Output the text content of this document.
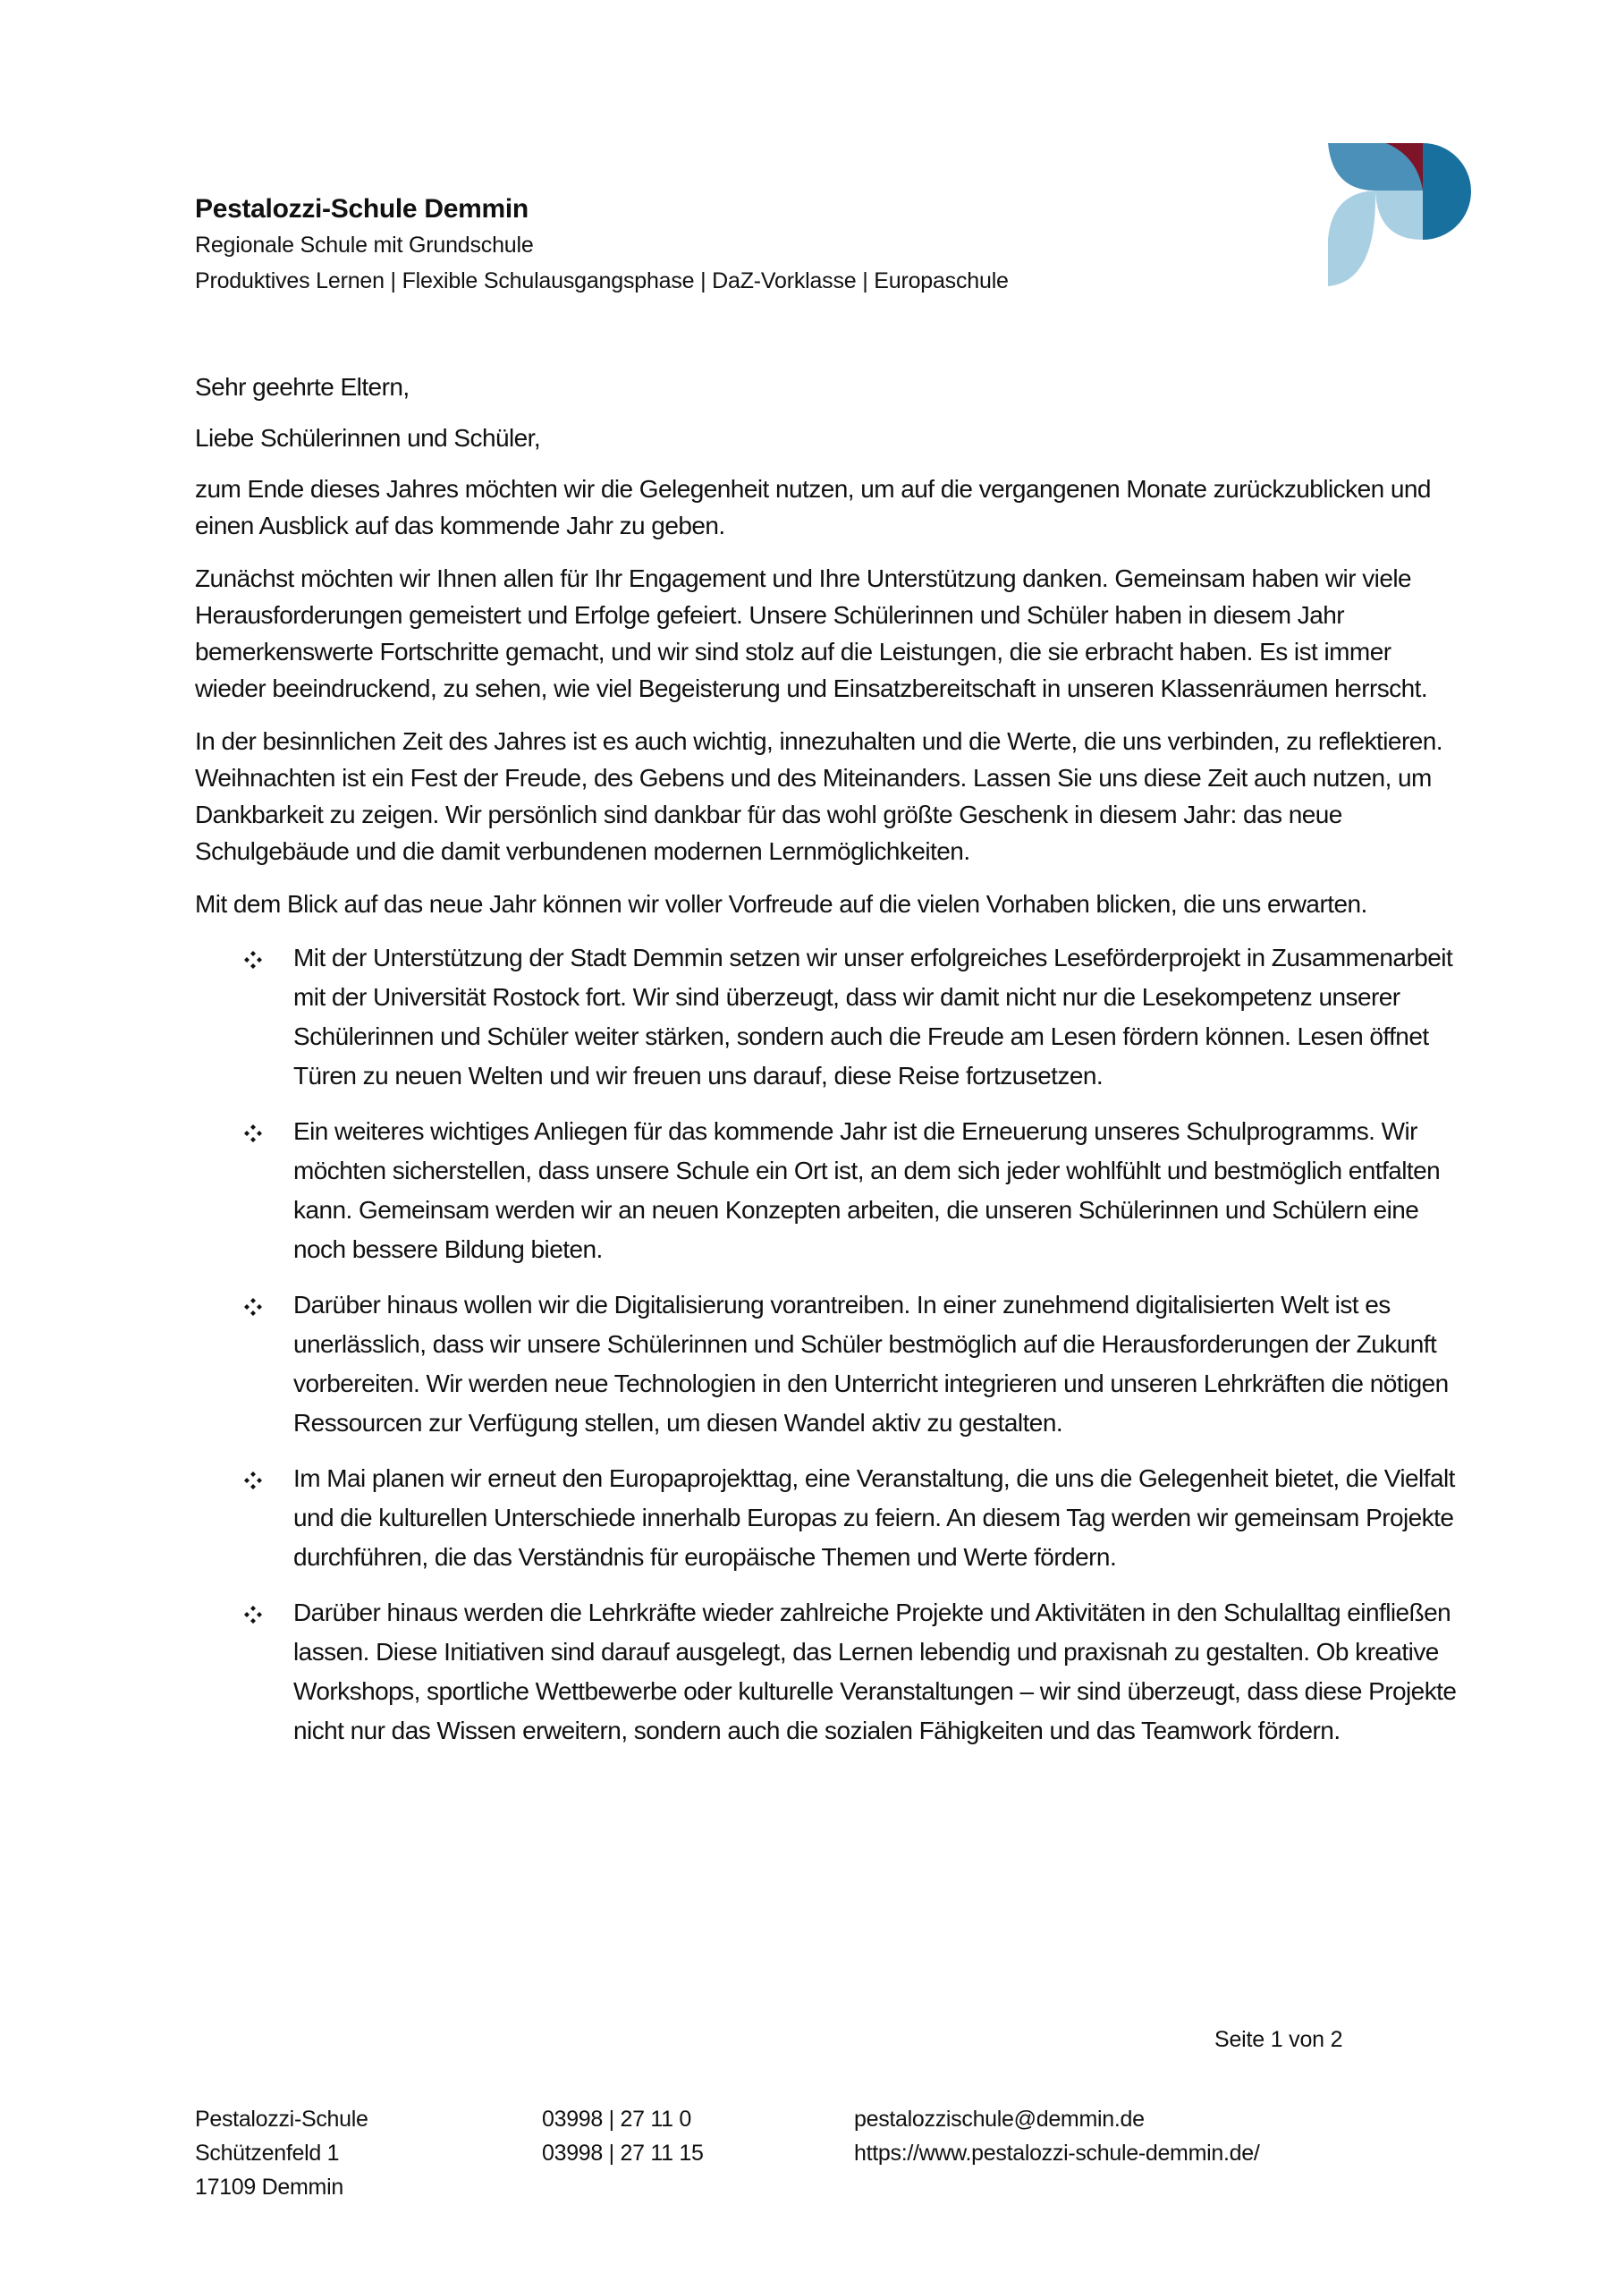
Pestalozzi-Schule Demmin
Regionale Schule mit Grundschule
Produktives Lernen | Flexible Schulausgangsphase | DaZ-Vorklasse | Europaschule

Sehr geehrte Eltern,

Liebe Schülerinnen und Schüler,

zum Ende dieses Jahres möchten wir die Gelegenheit nutzen, um auf die vergangenen Monate zurückzublicken und einen Ausblick auf das kommende Jahr zu geben.

Zunächst möchten wir Ihnen allen für Ihr Engagement und Ihre Unterstützung danken. Gemeinsam haben wir viele Herausforderungen gemeistert und Erfolge gefeiert. Unsere Schülerinnen und Schüler haben in diesem Jahr bemerkenswerte Fortschritte gemacht, und wir sind stolz auf die Leistungen, die sie erbracht haben. Es ist immer wieder beeindruckend, zu sehen, wie viel Begeisterung und Einsatzbereitschaft in unseren Klassenräumen herrscht.

In der besinnlichen Zeit des Jahres ist es auch wichtig, innezuhalten und die Werte, die uns verbinden, zu reflektieren. Weihnachten ist ein Fest der Freude, des Gebens und des Miteinanders. Lassen Sie uns diese Zeit auch nutzen, um Dankbarkeit zu zeigen. Wir persönlich sind dankbar für das wohl größte Geschenk in diesem Jahr: das neue Schulgebäude und die damit verbundenen modernen Lernmöglichkeiten.

Mit dem Blick auf das neue Jahr können wir voller Vorfreude auf die vielen Vorhaben blicken, die uns erwarten.

Mit der Unterstützung der Stadt Demmin setzen wir unser erfolgreiches Leseförderprojekt in Zusammenarbeit mit der Universität Rostock fort. Wir sind überzeugt, dass wir damit nicht nur die Lesekompetenz unserer Schülerinnen und Schüler weiter stärken, sondern auch die Freude am Lesen fördern können. Lesen öffnet Türen zu neuen Welten und wir freuen uns darauf, diese Reise fortzusetzen.
Ein weiteres wichtiges Anliegen für das kommende Jahr ist die Erneuerung unseres Schulprogramms. Wir möchten sicherstellen, dass unsere Schule ein Ort ist, an dem sich jeder wohlfühlt und bestmöglich entfalten kann. Gemeinsam werden wir an neuen Konzepten arbeiten, die unseren Schülerinnen und Schülern eine noch bessere Bildung bieten.
Darüber hinaus wollen wir die Digitalisierung vorantreiben. In einer zunehmend digitalisierten Welt ist es unerlässlich, dass wir unsere Schülerinnen und Schüler bestmöglich auf die Herausforderungen der Zukunft vorbereiten. Wir werden neue Technologien in den Unterricht integrieren und unseren Lehrkräften die nötigen Ressourcen zur Verfügung stellen, um diesen Wandel aktiv zu gestalten.
Im Mai planen wir erneut den Europaprojekttag, eine Veranstaltung, die uns die Gelegenheit bietet, die Vielfalt und die kulturellen Unterschiede innerhalb Europas zu feiern. An diesem Tag werden wir gemeinsam Projekte durchführen, die das Verständnis für europäische Themen und Werte fördern.
Darüber hinaus werden die Lehrkräfte wieder zahlreiche Projekte und Aktivitäten in den Schulalltag einfließen lassen. Diese Initiativen sind darauf ausgelegt, das Lernen lebendig und praxisnah zu gestalten. Ob kreative Workshops, sportliche Wettbewerbe oder kulturelle Veranstaltungen – wir sind überzeugt, dass diese Projekte nicht nur das Wissen erweitern, sondern auch die sozialen Fähigkeiten und das Teamwork fördern.
Seite 1 von 2
Pestalozzi-Schule
Schützenfeld 1
17109 Demmin
03998 | 27 11 0
03998 | 27 11 15
pestalozzischule@demmin.de
https://www.pestalozzi-schule-demmin.de/
